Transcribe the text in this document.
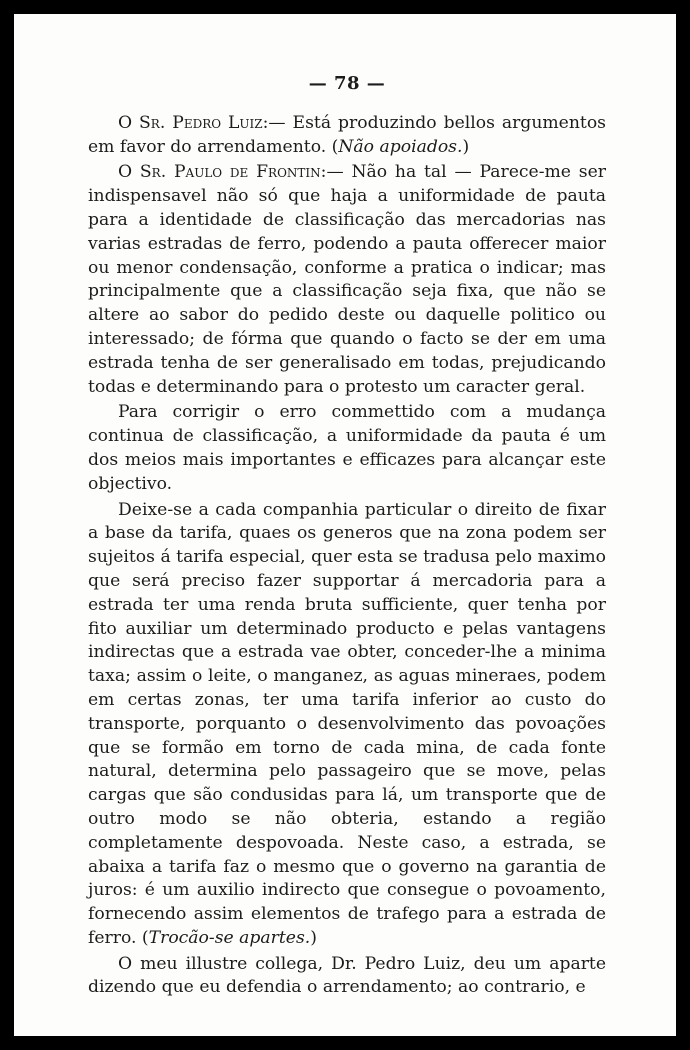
— 78 —

O Sr. Pedro Luiz:— Está produzindo bellos argumentos em favor do arrendamento. (Não apoiados.)

O Sr. Paulo de Frontin:— Não ha tal — Parece-me ser indispensavel não só que haja a uniformidade de pauta para a identidade de classificação das mercadorias nas varias estradas de ferro, podendo a pauta offerecer maior ou menor condensação, conforme a pratica o indicar; mas principalmente que a classificação seja fixa, que não se altere ao sabor do pedido deste ou daquelle politico ou interessado; de fórma que quando o facto se der em uma estrada tenha de ser generalisado em todas, prejudicando todas e determinando para o protesto um caracter geral.

Para corrigir o erro commettido com a mudança continua de classificação, a uniformidade da pauta é um dos meios mais importantes e efficazes para alcançar este objectivo.

Deixe-se a cada companhia particular o direito de fixar a base da tarifa, quaes os generos que na zona podem ser sujeitos á tarifa especial, quer esta se tradusa pelo maximo que será preciso fazer supportar á mercadoria para a estrada ter uma renda bruta sufficiente, quer tenha por fito auxiliar um determinado producto e pelas vantagens indirectas que a estrada vae obter, conceder-lhe a minima taxa; assim o leite, o manganez, as aguas mineraes, podem em certas zonas, ter uma tarifa inferior ao custo do transporte, porquanto o desenvolvimento das povoações que se formão em torno de cada mina, de cada fonte natural, determina pelo passageiro que se move, pelas cargas que são condusidas para lá, um transporte que de outro modo se não obteria, estando a região completamente despovoada. Neste caso, a estrada, se abaixa a tarifa faz o mesmo que o governo na garantia de juros: é um auxilio indirecto que consegue o povoamento, fornecendo assim elementos de trafego para a estrada de ferro. (Trocão-se apartes.)

O meu illustre collega, Dr. Pedro Luiz, deu um aparte dizendo que eu defendia o arrendamento; ao contrario, e
